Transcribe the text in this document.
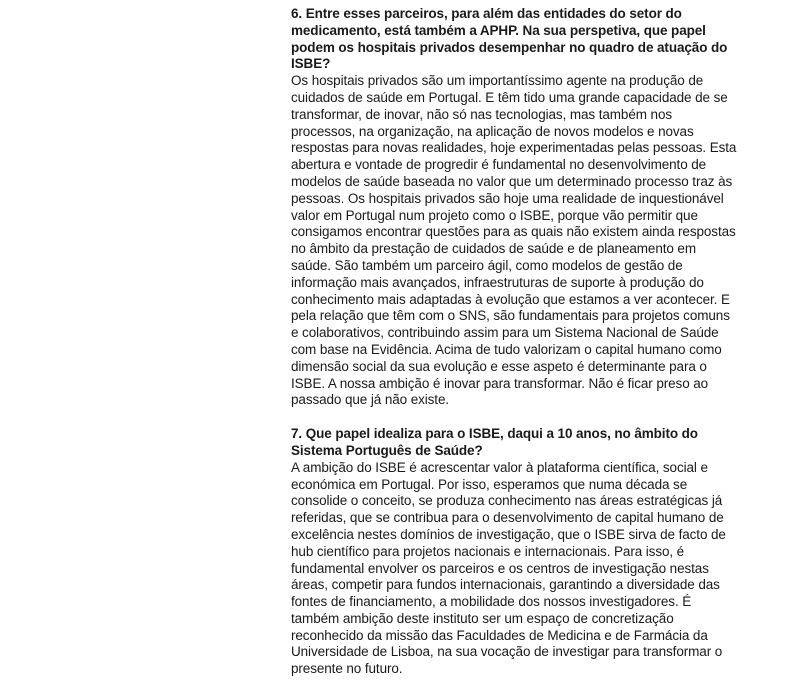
6. Entre esses parceiros, para além das entidades do setor do medicamento, está também a APHP. Na sua perspetiva, que papel podem os hospitais privados desempenhar no quadro de atuação do ISBE?

Os hospitais privados são um importantíssimo agente na produção de cuidados de saúde em Portugal. E têm tido uma grande capacidade de se transformar, de inovar, não só nas tecnologias, mas também nos processos, na organização, na aplicação de novos modelos e novas respostas para novas realidades, hoje experimentadas pelas pessoas. Esta abertura e vontade de progredir é fundamental no desenvolvimento de modelos de saúde baseada no valor que um determinado processo traz às pessoas. Os hospitais privados são hoje uma realidade de inquestionável valor em Portugal num projeto como o ISBE, porque vão permitir que consigamos encontrar questões para as quais não existem ainda respostas no âmbito da prestação de cuidados de saúde e de planeamento em saúde. São também um parceiro ágil, como modelos de gestão de informação mais avançados, infraestruturas de suporte à produção do conhecimento mais adaptadas à evolução que estamos a ver acontecer. E pela relação que têm com o SNS, são fundamentais para projetos comuns e colaborativos, contribuindo assim para um Sistema Nacional de Saúde com base na Evidência. Acima de tudo valorizam o capital humano como dimensão social da sua evolução e esse aspeto é determinante para o ISBE. A nossa ambição é inovar para transformar. Não é ficar preso ao passado que já não existe.

7. Que papel idealiza para o ISBE, daqui a 10 anos, no âmbito do Sistema Português de Saúde?

A ambição do ISBE é acrescentar valor à plataforma científica, social e económica em Portugal. Por isso, esperamos que numa década se consolide o conceito, se produza conhecimento nas áreas estratégicas já referidas, que se contribua para o desenvolvimento de capital humano de excelência nestes domínios de investigação, que o ISBE sirva de facto de hub científico para projetos nacionais e internacionais. Para isso, é fundamental envolver os parceiros e os centros de investigação nestas áreas, competir para fundos internacionais, garantindo a diversidade das fontes de financiamento, a mobilidade dos nossos investigadores. É também ambição deste instituto ser um espaço de concretização reconhecido da missão das Faculdades de Medicina e de Farmácia da Universidade de Lisboa, na sua vocação de investigar para transformar o presente no futuro.
